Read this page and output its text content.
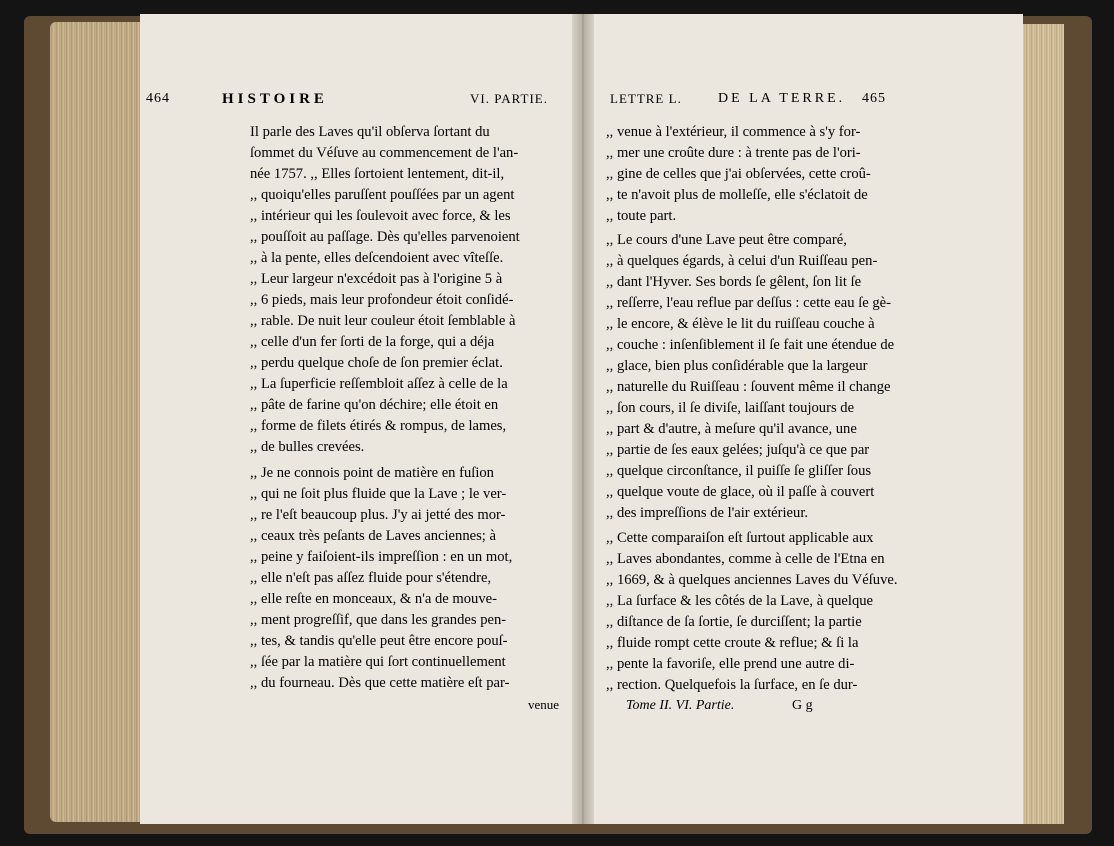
464	HISTOIRE	VI. PARTIE.	LETTRE L.	DE LA TERRE. 465
Il parle des Laves qu'il obſerva ſortant du
ſommet du Véſuve au commencement de l'an-
née 1757. ,, Elles ſortoient lentement, dit-il,
,, quoiqu'elles paruſſent pouſſées par un agent
,, intérieur qui les ſoulevoit avec force, & les
,, pouſſoit au paſſage. Dès qu'elles parvenoient
,, à la pente, elles deſcendoient avec vîteſſe.
,, Leur largeur n'excédoit pas à l'origine 5 à
,, 6 pieds, mais leur profondeur étoit conſidé-
,, rable. De nuit leur couleur étoit ſemblable à
,, celle d'un fer ſorti de la forge, qui a déja
,, perdu quelque choſe de ſon premier éclat.
,, La ſuperficie reſſembloit aſſez à celle de la
,, pâte de farine qu'on déchire; elle étoit en
,, forme de filets étirés & rompus, de lames,
,, de bulles crevées.
,, Je ne connois point de matière en fuſion
,, qui ne ſoit plus fluide que la Lave ; le ver-
,, re l'eſt beaucoup plus. J'y ai jetté des mor-
,, ceaux très peſants de Laves anciennes; à
,, peine y faiſoient-ils impreſſion : en un mot,
,, elle n'eſt pas aſſez fluide pour s'étendre,
,, elle reſte en monceaux, & n'a de mouve-
,, ment progreſſif, que dans les grandes pen-
,, tes, & tandis qu'elle peut être encore pouſ-
,, ſée par la matière qui ſort continuellement
,, du fourneau. Dès que cette matière eſt par-
venue
,, venue à l'extérieur, il commence à s'y for-
,, mer une croûte dure : à trente pas de l'ori-
,, gine de celles que j'ai obſervées, cette croû-
,, te n'avoit plus de molleſſe, elle s'éclatoit de
,, toute part.
,, Le cours d'une Lave peut être comparé,
,, à quelques égards, à celui d'un Ruiſſeau pen-
,, dant l'Hyver. Ses bords ſe gêlent, ſon lit ſe
,, reſſerre, l'eau reflue par deſſus : cette eau ſe gè-
,, le encore, & élève le lit du ruiſſeau couche à
,, couche : inſenſiblement il ſe fait une étendue de
,, glace, bien plus conſidérable que la largeur
,, naturelle du Ruiſſeau : ſouvent même il change
,, ſon cours, il ſe diviſe, laiſſant toujours de
,, part & d'autre, à meſure qu'il avance, une
,, partie de ſes eaux gelées; juſqu'à ce que par
,, quelque circonſtance, il puiſſe ſe gliſſer ſous
,, quelque voute de glace, où il paſſe à couvert
,, des impreſſions de l'air extérieur.
,, Cette comparaiſon eſt ſurtout applicable aux
,, Laves abondantes, comme à celle de l'Etna en
,, 1669, & à quelques anciennes Laves du Véſuve.
,, La ſurface & les côtés de la Lave, à quelque
,, diſtance de ſa ſortie, ſe durciſſent; la partie
,, fluide rompt cette croute & reflue; & ſi la
,, pente la favoriſe, elle prend une autre di-
,, rection. Quelquefois la ſurface, en ſe dur-
Tome II. VI. Partie.	G g
